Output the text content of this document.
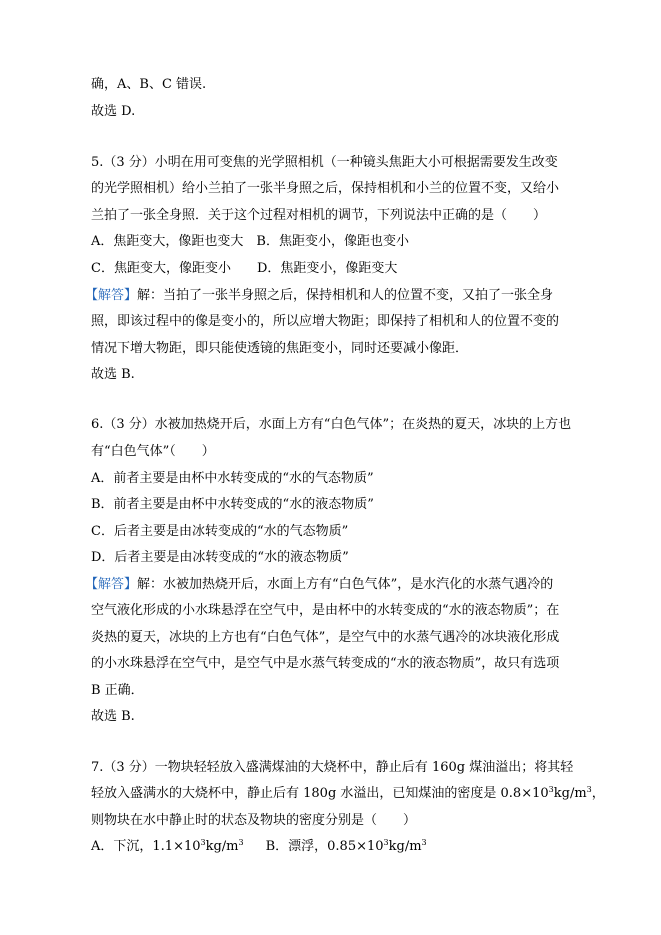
确，A、B、C 错误.
故选 D.
5.（3 分）小明在用可变焦的光学照相机（一种镜头焦距大小可根据需要发生改变
的光学照相机）给小兰拍了一张半身照之后，保持相机和小兰的位置不变，又给小
兰拍了一张全身照．关于这个过程对相机的调节，下列说法中正确的是（　　）
A．焦距变大，像距也变大　B．焦距变小，像距也变小
C．焦距变大，像距变小　　D．焦距变小，像距变大
【解答】解：当拍了一张半身照之后，保持相机和人的位置不变，又拍了一张全身
照，即该过程中的像是变小的，所以应增大物距；即保持了相机和人的位置不变的
情况下增大物距，即只能使透镜的焦距变小，同时还要减小像距．
故选 B.
6.（3 分）水被加热烧开后，水面上方有“白色气体”；在炎热的夏天，冰块的上方也
有“白色气体”（　　）
A．前者主要是由杯中水转变成的“水的气态物质”
B．前者主要是由杯中水转变成的“水的液态物质”
C．后者主要是由冰转变成的“水的气态物质”
D．后者主要是由冰转变成的“水的液态物质”
【解答】解：水被加热烧开后，水面上方有“白色气体”，是水汽化的水蒸气遇冷的
空气液化形成的小水珠悬浮在空气中，是由杯中的水转变成的“水的液态物质”；在
炎热的夏天，冰块的上方也有“白色气体”，是空气中的水蒸气遇冷的冰块液化形成
的小水珠悬浮在空气中，是空气中是水蒸气转变成的“水的液态物质”，故只有选项
B 正确．
故选 B.
7.（3 分）一物块轻轻放入盛满煤油的大烧杯中，静止后有 160g 煤油溢出；将其轻
轻放入盛满水的大烧杯中，静止后有 180g 水溢出，已知煤油的密度是 $0.8\times 10^3kg/m^3$，
则物块在水中静止时的状态及物块的密度分别是（　　）
A．下沉，$1.1\times 10^3kg/m^3$ B．漂浮，$0.85\times 10^3kg/m^3$
